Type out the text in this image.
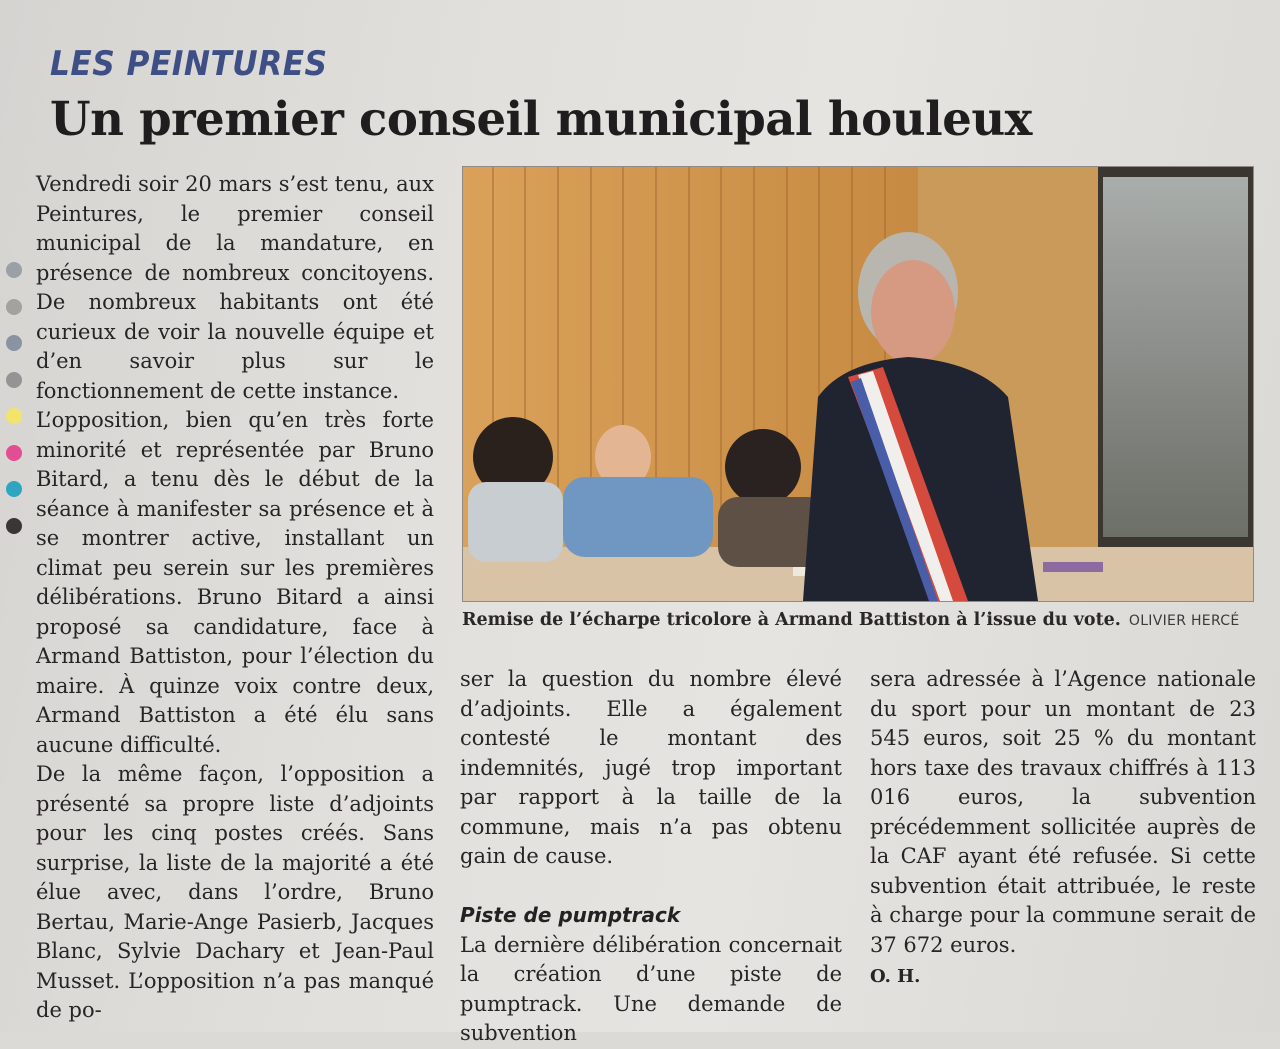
LES PEINTURES
Un premier conseil municipal houleux

Vendredi soir 20 mars s’est tenu, aux Peintures, le premier conseil municipal de la mandature, en présence de nombreux concitoyens. De nombreux habitants ont été curieux de voir la nouvelle équipe et d’en savoir plus sur le fonctionnement de cette instance.

L’opposition, bien qu’en très forte minorité et représentée par Bruno Bitard, a tenu dès le début de la séance à manifester sa présence et à se montrer active, installant un climat peu serein sur les premières délibérations. Bruno Bitard a ainsi proposé sa candidature, face à Armand Battiston, pour l’élection du maire. À quinze voix contre deux, Armand Battiston a été élu sans aucune difficulté.

De la même façon, l’opposition a présenté sa propre liste d’adjoints pour les cinq postes créés. Sans surprise, la liste de la majorité a été élue avec, dans l’ordre, Bruno Bertau, Marie-Ange Pasierb, Jacques Blanc, Sylvie Dachary et Jean-Paul Musset. L’opposition n’a pas manqué de po-

Remise de l’écharpe tricolore à Armand Battiston à l’issue du vote. OLIVIER HERCÉ

ser la question du nombre élevé d’adjoints. Elle a également contesté le montant des indemnités, jugé trop important par rapport à la taille de la commune, mais n’a pas obtenu gain de cause.

Piste de pumptrack

La dernière délibération concernait la création d’une piste de pumptrack. Une demande de subvention

sera adressée à l’Agence nationale du sport pour un montant de 23 545 euros, soit 25 % du montant hors taxe des travaux chiffrés à 113 016 euros, la subvention précédemment sollicitée auprès de la CAF ayant été refusée. Si cette subvention était attribuée, le reste à charge pour la commune serait de 37 672 euros.

O. H.
